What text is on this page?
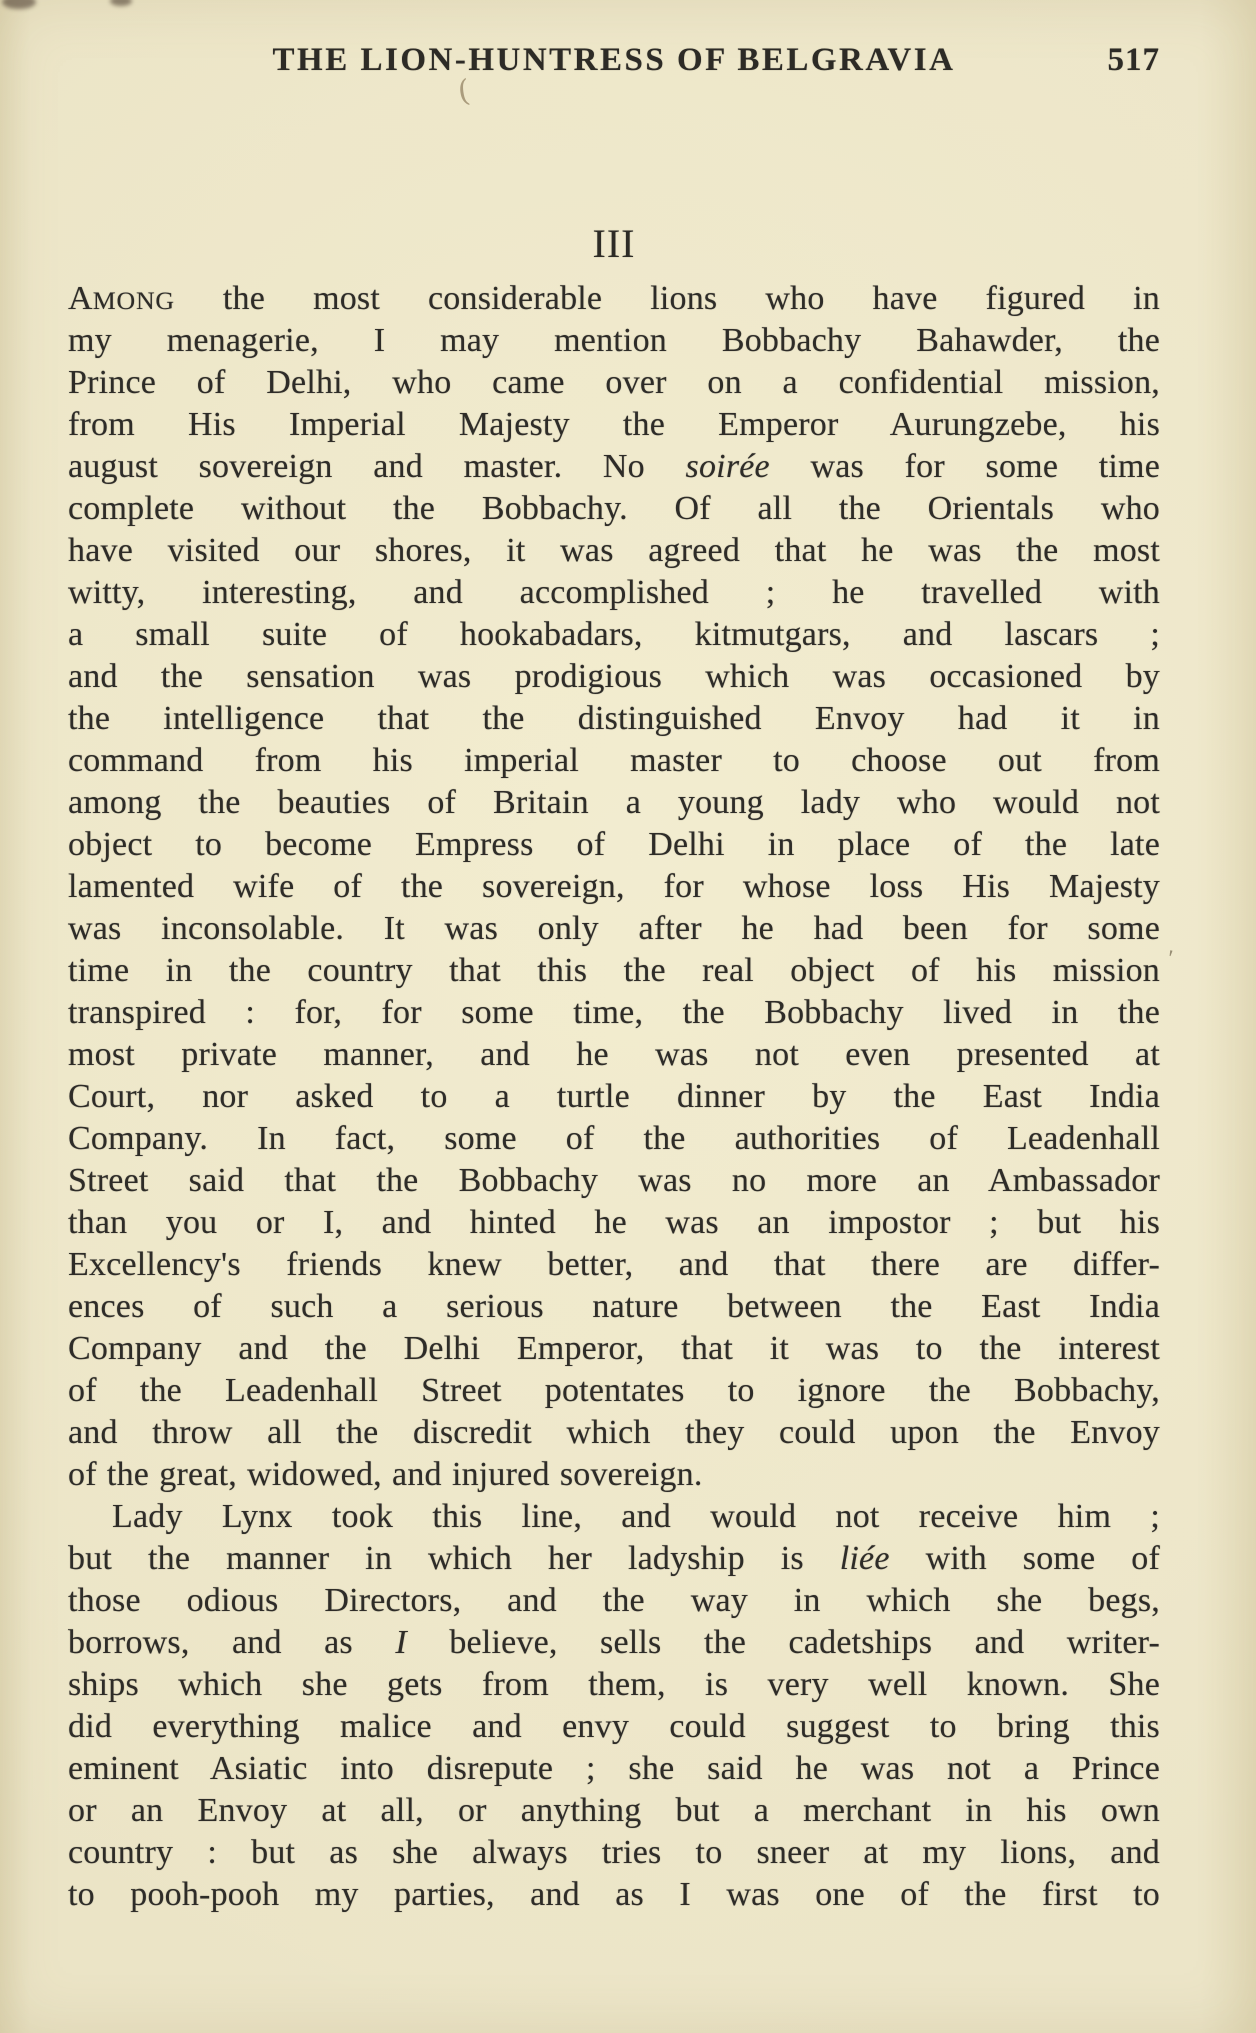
THE LION-HUNTRESS OF BELGRAVIA	517
(
III
AMONG the most considerable lions who have figured in
my menagerie, I may mention Bobbachy Bahawder, the
Prince of Delhi, who came over on a confidential mission,
from His Imperial Majesty the Emperor Aurungzebe, his
august sovereign and master. No soirée was for some time
complete without the Bobbachy. Of all the Orientals who
have visited our shores, it was agreed that he was the most
witty, interesting, and accomplished ; he travelled with
a small suite of hookabadars, kitmutgars, and lascars ;
and the sensation was prodigious which was occasioned by
the intelligence that the distinguished Envoy had it in
command from his imperial master to choose out from
among the beauties of Britain a young lady who would not
object to become Empress of Delhi in place of the late
lamented wife of the sovereign, for whose loss His Majesty
was inconsolable. It was only after he had been for some
time in the country that this the real object of his mission
transpired : for, for some time, the Bobbachy lived in the
most private manner, and he was not even presented at
Court, nor asked to a turtle dinner by the East India
Company. In fact, some of the authorities of Leadenhall
Street said that the Bobbachy was no more an Ambassador
than you or I, and hinted he was an impostor ; but his
Excellency's friends knew better, and that there are differ-
ences of such a serious nature between the East India
Company and the Delhi Emperor, that it was to the interest
of the Leadenhall Street potentates to ignore the Bobbachy,
and throw all the discredit which they could upon the Envoy
of the great, widowed, and injured sovereign.
Lady Lynx took this line, and would not receive him ;
but the manner in which her ladyship is liée with some of
those odious Directors, and the way in which she begs,
borrows, and as I believe, sells the cadetships and writer-
ships which she gets from them, is very well known. She
did everything malice and envy could suggest to bring this
eminent Asiatic into disrepute ; she said he was not a Prince
or an Envoy at all, or anything but a merchant in his own
country : but as she always tries to sneer at my lions, and
to pooh-pooh my parties, and as I was one of the first to
'
